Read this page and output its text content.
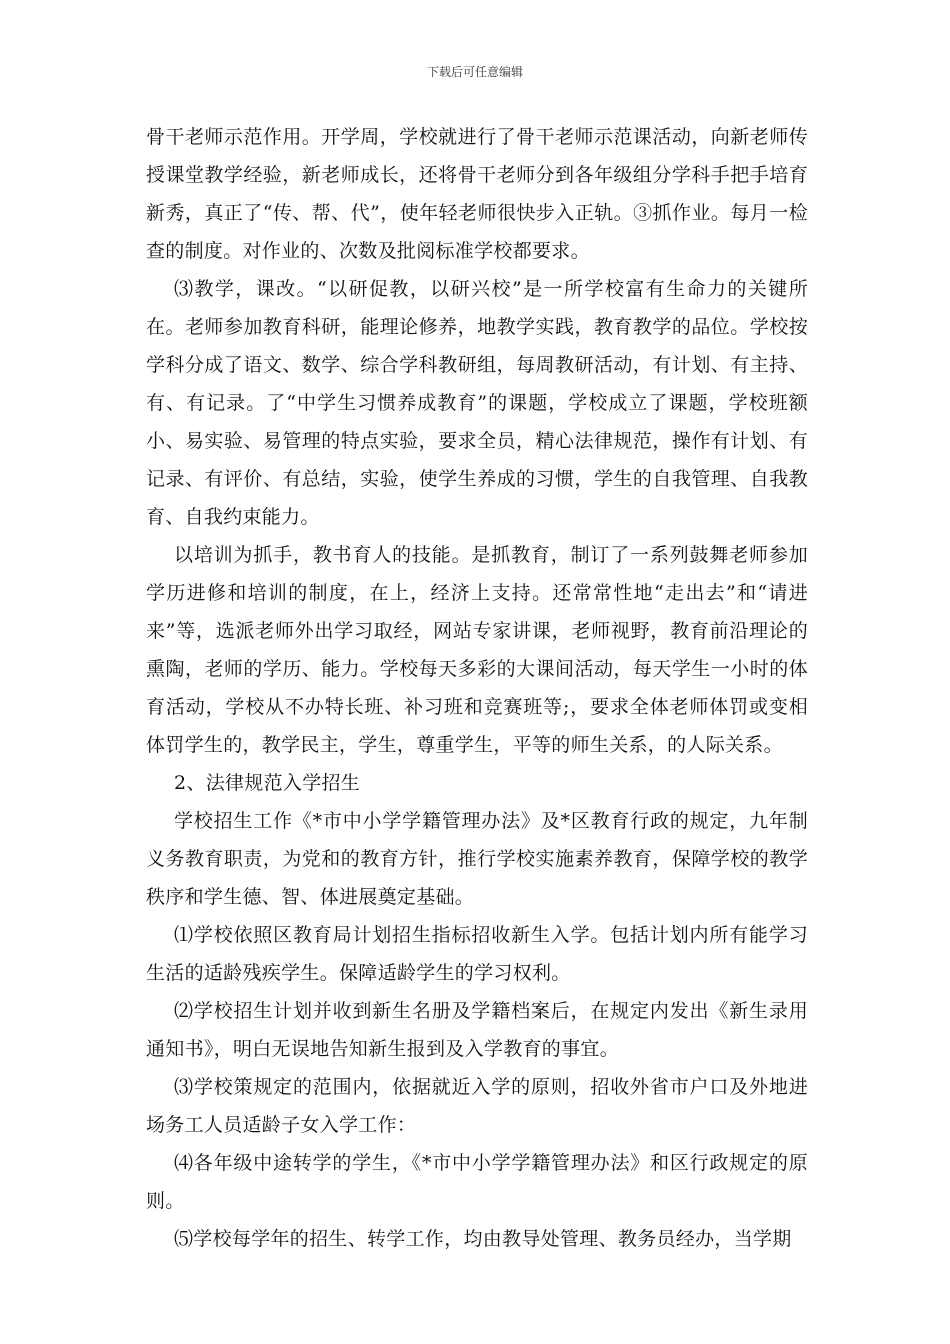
下载后可任意编辑

骨干老师示范作用。开学周，学校就进行了骨干老师示范课活动，向新老师传授课堂教学经验，新老师成长，还将骨干老师分到各年级组分学科手把手培育新秀，真正了“传、帮、代”，使年轻老师很快步入正轨。③抓作业。每月一检查的制度。对作业的、次数及批阅标准学校都要求。

⑶教学，课改。“以研促教，以研兴校”是一所学校富有生命力的关键所在。老师参加教育科研，能理论修养，地教学实践，教育教学的品位。学校按学科分成了语文、数学、综合学科教研组，每周教研活动，有计划、有主持、有、有记录。了“中学生习惯养成教育”的课题，学校成立了课题，学校班额小、易实验、易管理的特点实验，要求全员，精心法律规范，操作有计划、有记录、有评价、有总结，实验，使学生养成的习惯，学生的自我管理、自我教育、自我约束能力。

以培训为抓手，教书育人的技能。是抓教育，制订了一系列鼓舞老师参加学历进修和培训的制度，在上，经济上支持。还常常性地“走出去”和“请进来”等，选派老师外出学习取经，网站专家讲课，老师视野，教育前沿理论的熏陶，老师的学历、能力。学校每天多彩的大课间活动，每天学生一小时的体育活动，学校从不办特长班、补习班和竞赛班等;，要求全体老师体罚或变相体罚学生的，教学民主，学生，尊重学生，平等的师生关系，的人际关系。

2、法律规范入学招生

学校招生工作《*市中小学学籍管理办法》及*区教育行政的规定，九年制义务教育职责，为党和的教育方针，推行学校实施素养教育，保障学校的教学秩序和学生德、智、体进展奠定基础。

⑴学校依照区教育局计划招生指标招收新生入学。包括计划内所有能学习生活的适龄残疾学生。保障适龄学生的学习权利。

⑵学校招生计划并收到新生名册及学籍档案后，在规定内发出《新生录用通知书》，明白无误地告知新生报到及入学教育的事宜。

⑶学校策规定的范围内，依据就近入学的原则，招收外省市户口及外地进场务工人员适龄子女入学工作：

⑷各年级中途转学的学生，《*市中小学学籍管理办法》和区行政规定的原则。

⑸学校每学年的招生、转学工作，均由教导处管理、教务员经办，当学期
